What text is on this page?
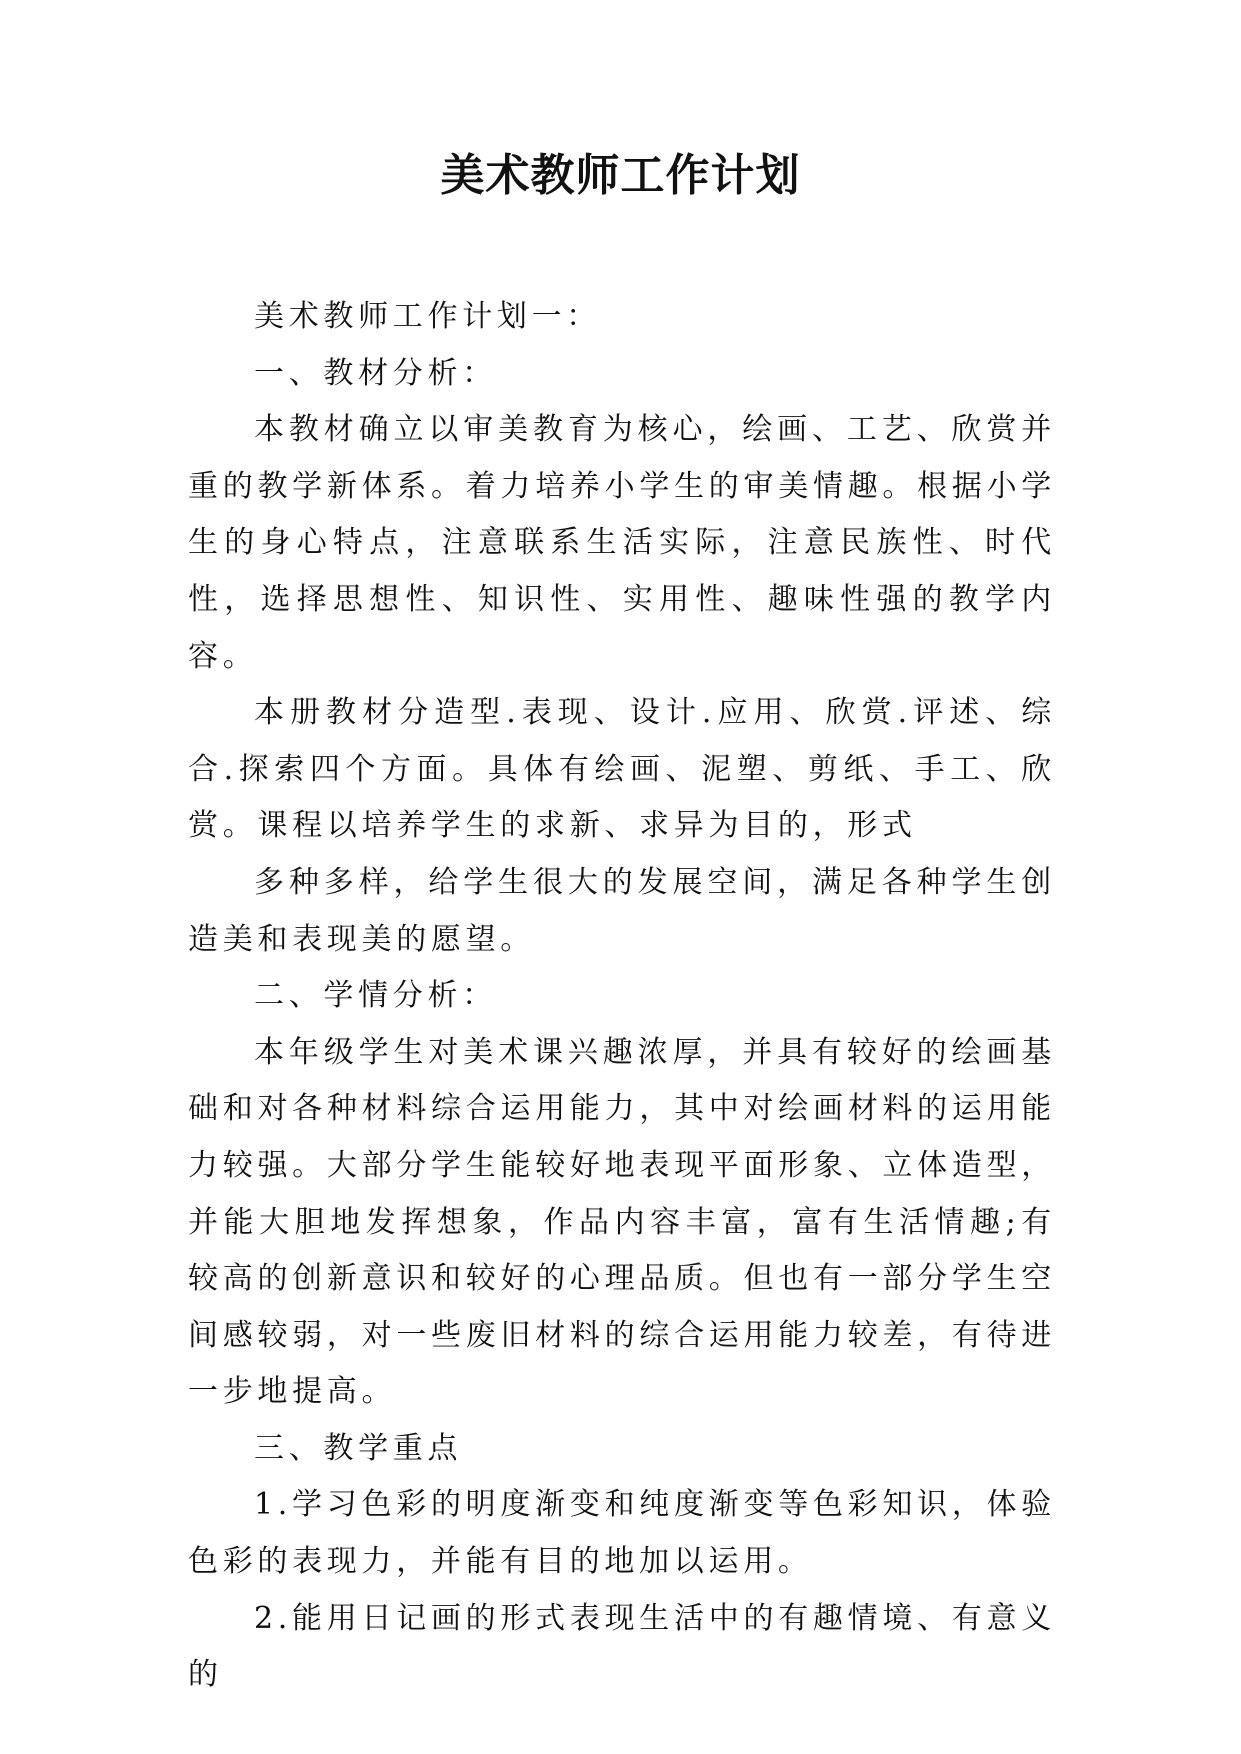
美术教师工作计划

美术教师工作计划一：

一、教材分析：

本教材确立以审美教育为核心，绘画、工艺、欣赏并重的教学新体系。着力培养小学生的审美情趣。根据小学生的身心特点，注意联系生活实际，注意民族性、时代性，选择思想性、知识性、实用性、趣味性强的教学内容。

本册教材分造型.表现、设计.应用、欣赏.评述、综合.探索四个方面。具体有绘画、泥塑、剪纸、手工、欣赏。课程以培养学生的求新、求异为目的，形式

多种多样，给学生很大的发展空间，满足各种学生创造美和表现美的愿望。

二、学情分析：

本年级学生对美术课兴趣浓厚，并具有较好的绘画基础和对各种材料综合运用能力，其中对绘画材料的运用能力较强。大部分学生能较好地表现平面形象、立体造型，并能大胆地发挥想象，作品内容丰富，富有生活情趣;有较高的创新意识和较好的心理品质。但也有一部分学生空间感较弱，对一些废旧材料的综合运用能力较差，有待进一步地提高。

三、教学重点

1.学习色彩的明度渐变和纯度渐变等色彩知识，体验色彩的表现力，并能有目的地加以运用。

2.能用日记画的形式表现生活中的有趣情境、有意义的
